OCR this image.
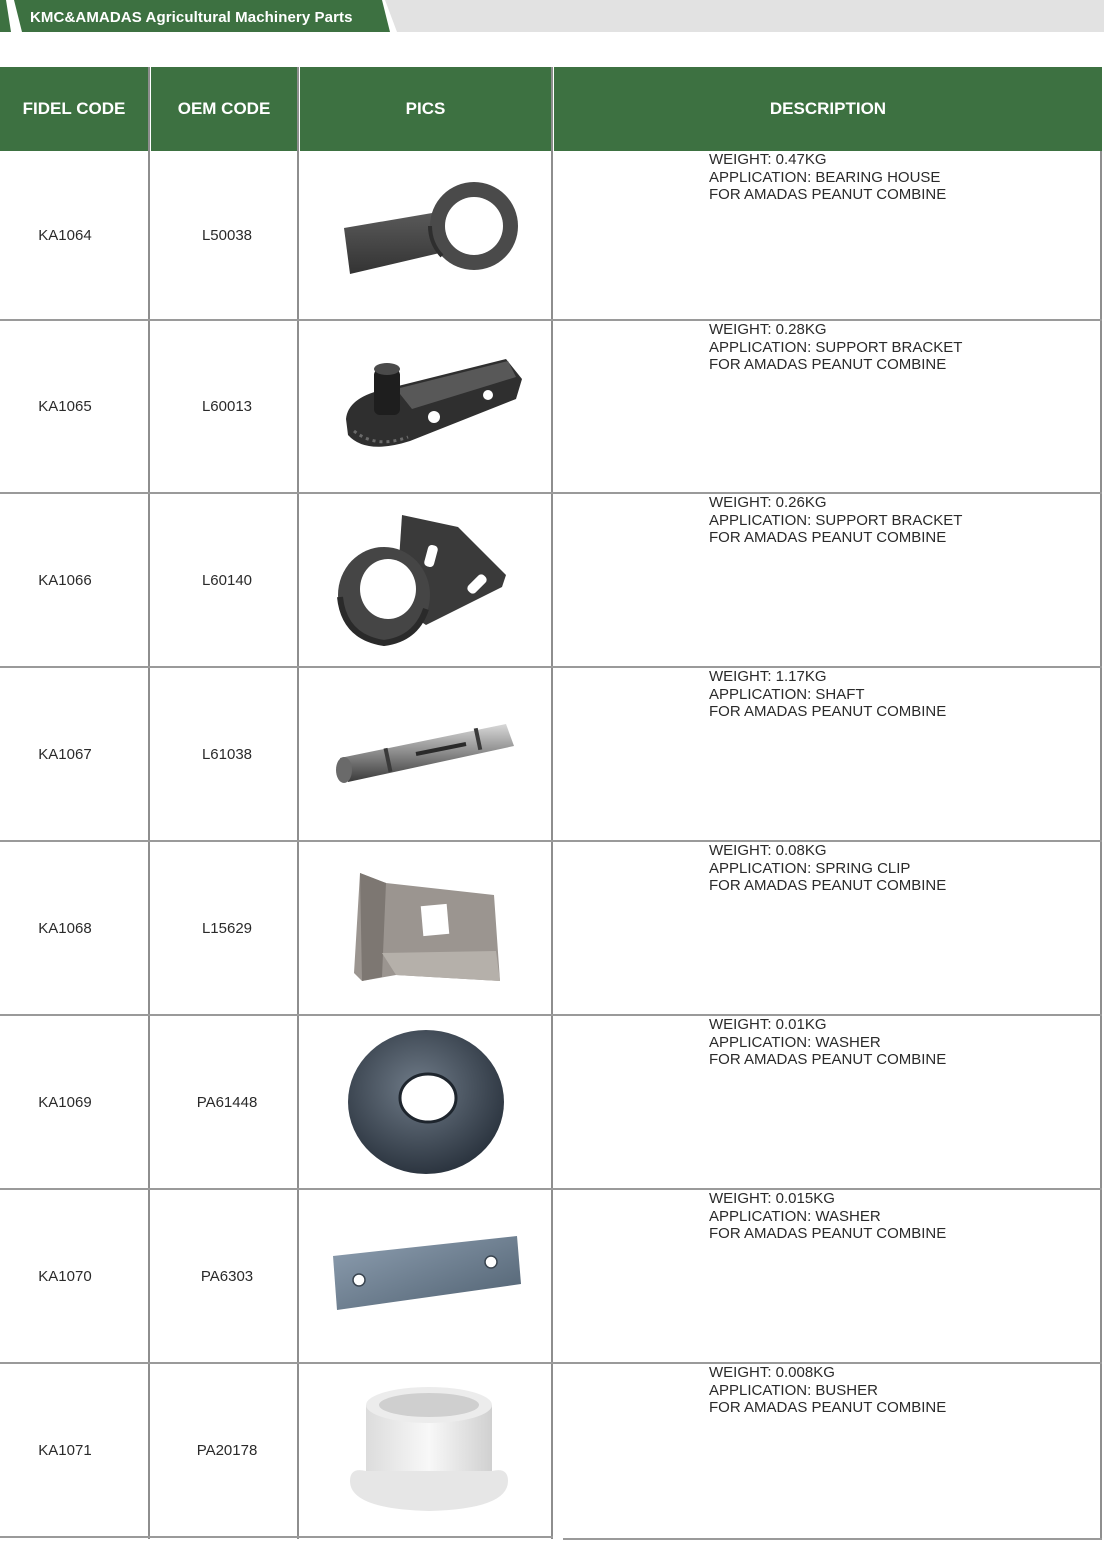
KMC&AMADAS Agricultural Machinery Parts
FIDEL CODE	OEM CODE	PICS	DESCRIPTION
KA1064	L50038
WEIGHT: 0.47KG
APPLICATION: BEARING HOUSE
FOR AMADAS PEANUT COMBINE
KA1065	L60013
WEIGHT: 0.28KG
APPLICATION: SUPPORT BRACKET
FOR AMADAS PEANUT COMBINE
KA1066	L60140
WEIGHT: 0.26KG
APPLICATION: SUPPORT BRACKET
FOR AMADAS PEANUT COMBINE
KA1067	L61038
WEIGHT: 1.17KG
APPLICATION: SHAFT
FOR AMADAS PEANUT COMBINE
KA1068	L15629
WEIGHT: 0.08KG
APPLICATION: SPRING CLIP
FOR AMADAS PEANUT COMBINE
KA1069	PA61448
WEIGHT: 0.01KG
APPLICATION: WASHER
FOR AMADAS PEANUT COMBINE
KA1070	PA6303
WEIGHT: 0.015KG
APPLICATION: WASHER
FOR AMADAS PEANUT COMBINE
KA1071	PA20178
WEIGHT: 0.008KG
APPLICATION: BUSHER
FOR AMADAS PEANUT COMBINE
